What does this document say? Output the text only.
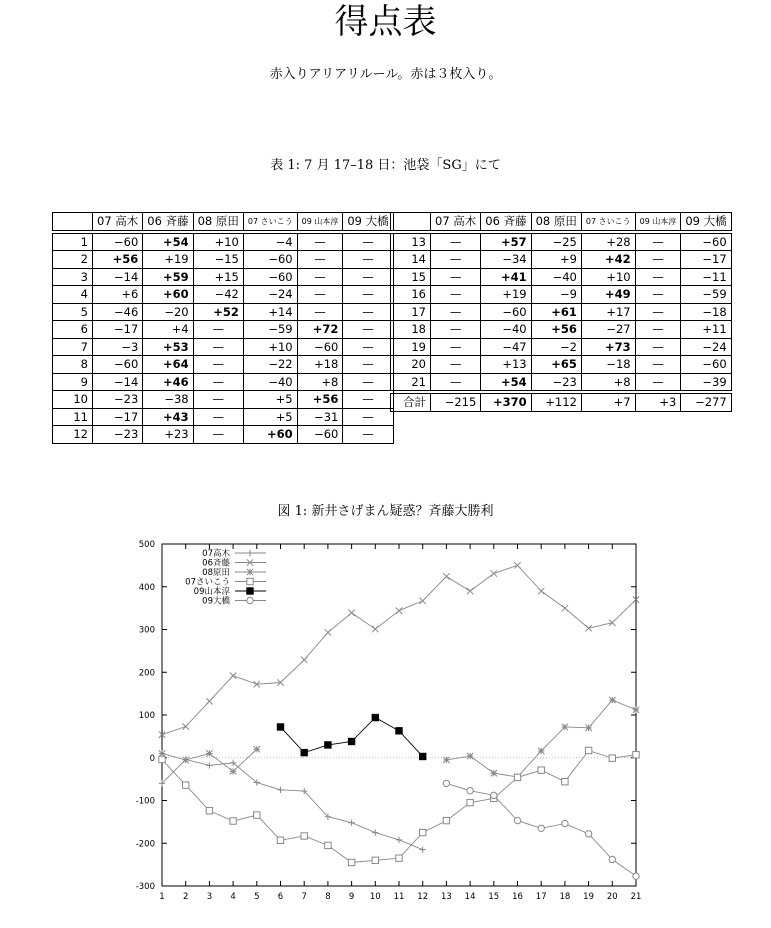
得点表
赤入りアリアリルール。赤は３枚入り。
表 1: 7 月 17–18 日：池袋「SG」にて
	07 高木	06 斉藤	08 原田	07 さいこう	09 山本淳	09 大橋

1	−60	+54	+10	−4	—	—
2	+56	+19	−15	−60	—	—
3	−14	+59	+15	−60	—	—
4	+6	+60	−42	−24	—	—
5	−46	−20	+52	+14	—	—
6	−17	+4	—	−59	+72	—
7	−3	+53	—	+10	−60	—
8	−60	+64	—	−22	+18	—
9	−14	+46	—	−40	+8	—
10	−23	−38	—	+5	+56	—
11	−17	+43	—	+5	−31	—
12	−23	+23	—	+60	−60	—
	07 高木	06 斉藤	08 原田	07 さいこう	09 山本淳	09 大橋

13	—	+57	−25	+28	—	−60
14	—	−34	+9	+42	—	−17
15	—	+41	−40	+10	—	−11
16	—	+19	−9	+49	—	−59
17	—	−60	+61	+17	—	−18
18	—	−40	+56	−27	—	+11
19	—	−47	−2	+73	—	−24
20	—	+13	+65	−18	—	−60
21	—	+54	−23	+8	—	−39

合計	−215	+370	+112	+7	+3	−277
図 1: 新井さげまん疑惑？斉藤大勝利
-300
-200
-100
0
100
200
300
400
500
1 2 3 4 5 6 7 8 9 10 11 12 13 14 15 16 17 18 19 20 21
07高木
06斉藤
08原田
07さいこう
09山本淳
09大橋
